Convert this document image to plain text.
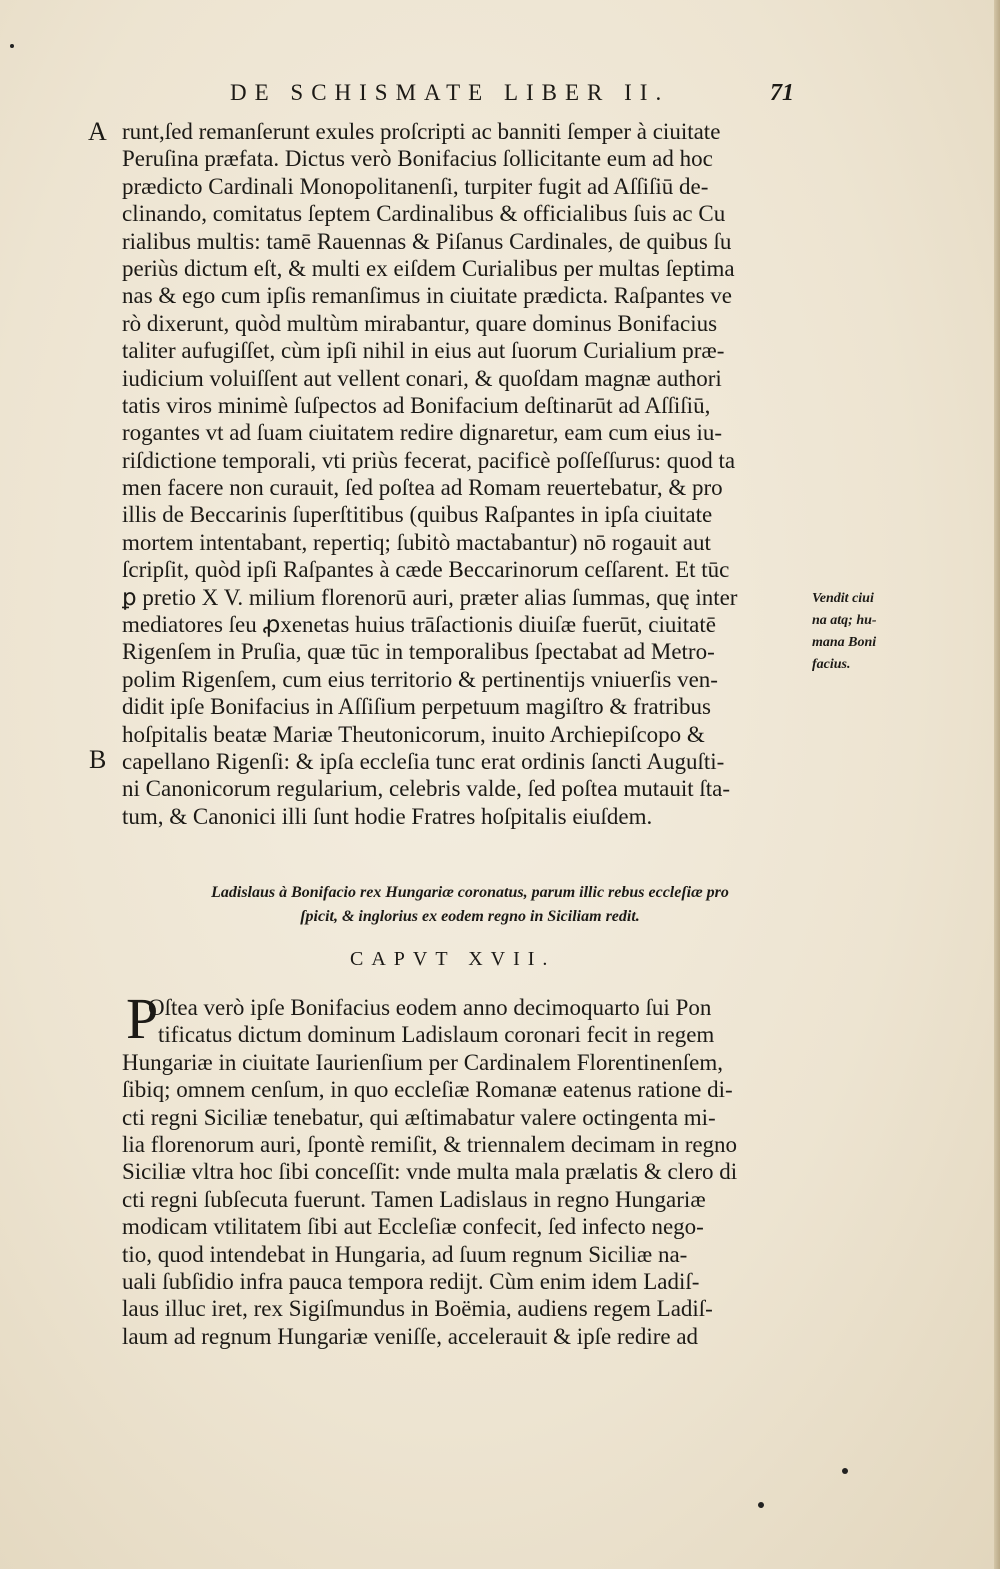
DE SCHISMATE LIBER II.	71
A
B
runt,ſed remanſerunt exules proſcripti ac banniti ſemper à ciuitate
Peruſina præfata. Dictus verò Bonifacius ſollicitante eum ad hoc
prædicto Cardinali Monopolitanenſi, turpiter fugit ad Aſſiſiū de-
clinando, comitatus ſeptem Cardinalibus & officialibus ſuis ac Cu
rialibus multis: tamē Rauennas & Piſanus Cardinales, de quibus ſu
periùs dictum eſt, & multi ex eiſdem Curialibus per multas ſeptima
nas & ego cum ipſis remanſimus in ciuitate prædicta. Raſpantes ve
rò dixerunt, quòd multùm mirabantur, quare dominus Bonifacius
taliter aufugiſſet, cùm ipſi nihil in eius aut ſuorum Curialium præ-
iudicium voluiſſent aut vellent conari, & quoſdam magnæ authori
tatis viros minimè ſuſpectos ad Bonifacium deſtinarūt ad Aſſiſiū,
rogantes vt ad ſuam ciuitatem redire dignaretur, eam cum eius iu-
riſdictione temporali, vti priùs fecerat, pacificè poſſeſſurus: quod ta
men facere non curauit, ſed poſtea ad Romam reuertebatur, & pro
illis de Beccarinis ſuperſtitibus (quibus Raſpantes in ipſa ciuitate
mortem intentabant, repertiq; ſubitò mactabantur) nō rogauit aut
ſcripſit, quòd ipſi Raſpantes à cæde Beccarinorum ceſſarent. Et tūc
ꝑ pretio X V. milium florenorū auri, præter alias ſummas, quę inter
mediatores ſeu ꝓxenetas huius trāſactionis diuiſæ fuerūt, ciuitatē
Rigenſem in Pruſia, quæ tūc in temporalibus ſpectabat ad Metro-
polim Rigenſem, cum eius territorio & pertinentijs vniuerſis ven-
didit ipſe Bonifacius in Aſſiſium perpetuum magiſtro & fratribus
hoſpitalis beatæ Mariæ Theutonicorum, inuito Archiepiſcopo &
capellano Rigenſi: & ipſa eccleſia tunc erat ordinis ſancti Auguſti-
ni Canonicorum regularium, celebris valde, ſed poſtea mutauit ſta-
tum, & Canonici illi ſunt hodie Fratres hoſpitalis eiuſdem.
Vendit ciui
na atq; hu-
mana Boni
facius.
Ladislaus à Bonifacio rex Hungariæ coronatus, parum illic rebus eccleſiæ pro
ſpicit, & inglorius ex eodem regno in Siciliam redit.
CAPVT XVII.
P
Oſtea verò ipſe Bonifacius eodem anno decimoquarto ſui Pon
tificatus dictum dominum Ladislaum coronari fecit in regem
Hungariæ in ciuitate Iaurienſium per Cardinalem Florentinenſem,
ſibiq; omnem cenſum, in quo eccleſiæ Romanæ eatenus ratione di-
cti regni Siciliæ tenebatur, qui æſtimabatur valere octingenta mi-
lia florenorum auri, ſpontè remiſit, & triennalem decimam in regno
Siciliæ vltra hoc ſibi conceſſit: vnde multa mala prælatis & clero di
cti regni ſubſecuta fuerunt. Tamen Ladislaus in regno Hungariæ
modicam vtilitatem ſibi aut Eccleſiæ confecit, ſed infecto nego-
tio, quod intendebat in Hungaria, ad ſuum regnum Siciliæ na-
uali ſubſidio infra pauca tempora redijt. Cùm enim idem Ladiſ-
laus illuc iret, rex Sigiſmundus in Boëmia, audiens regem Ladiſ-
laum ad regnum Hungariæ veniſſe, accelerauit & ipſe redire ad
